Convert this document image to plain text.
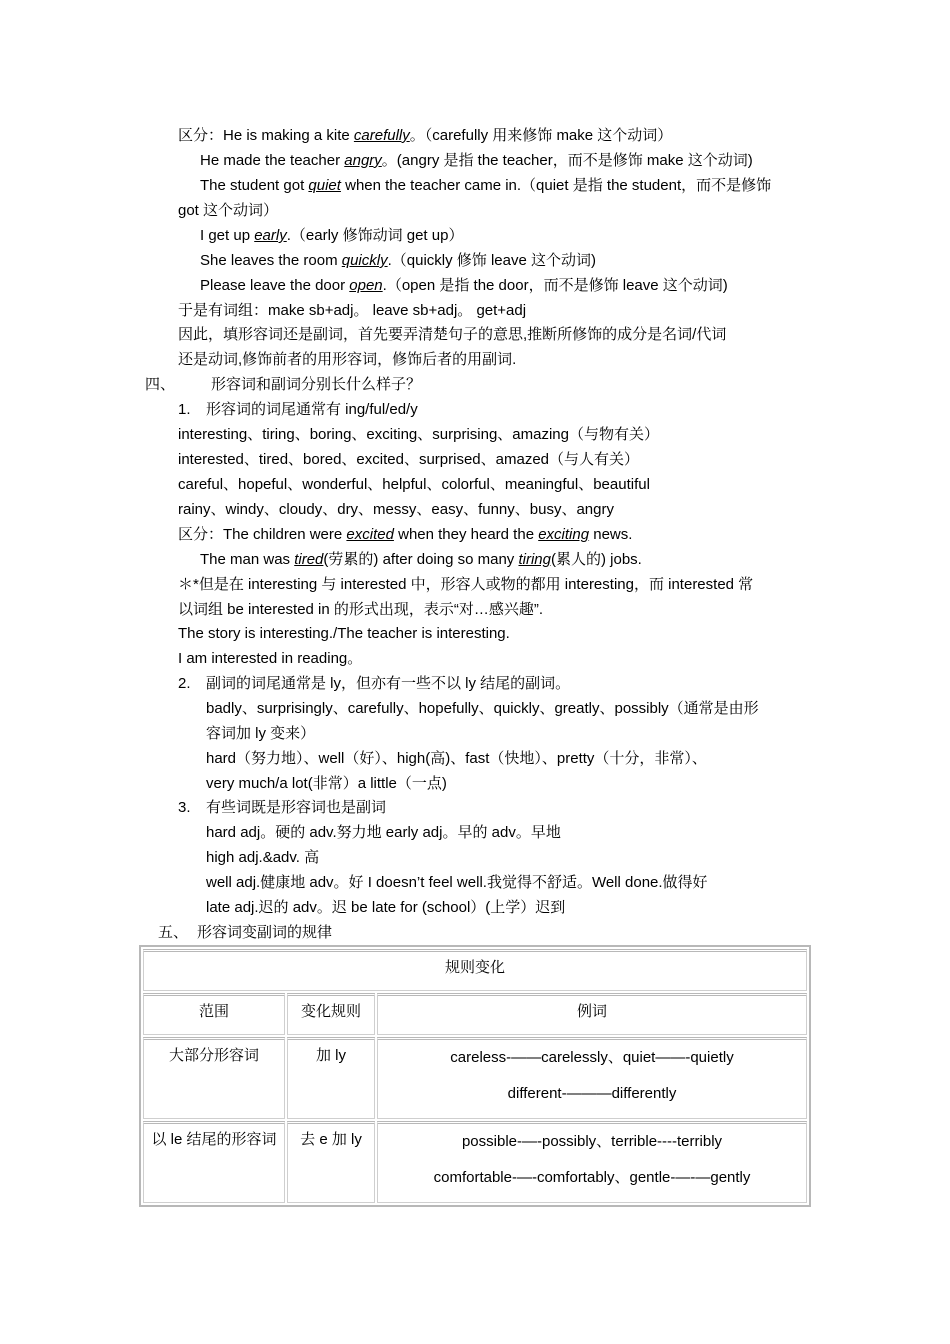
区分：He is making a kite carefully。（carefully 用来修饰 make 这个动词）
He made the teacher angry。(angry 是指 the teacher，而不是修饰 make 这个动词)
The student got quiet when the teacher came in.（quiet 是指 the student，而不是修饰
got 这个动词）
I get up early.（early 修饰动词 get up）
She leaves the room quickly.（quickly 修饰 leave 这个动词)
Please leave the door open.（open 是指 the door，而不是修饰 leave 这个动词)
于是有词组：make sb+adj。 leave sb+adj。 get+adj
因此，填形容词还是副词，首先要弄清楚句子的意思,推断所修饰的成分是名词/代词
还是动词,修饰前者的用形容词，修饰后者的用副词.
四、 形容词和副词分别长什么样子？
1. 形容词的词尾通常有 ing/ful/ed/y
interesting、tiring、boring、exciting、surprising、amazing（与物有关）
interested、tired、bored、excited、surprised、amazed（与人有关）
careful、hopeful、wonderful、helpful、colorful、meaningful、beautiful
rainy、windy、cloudy、dry、messy、easy、funny、busy、angry
区分：The children were excited when they heard the exciting news.
The man was tired(劳累的) after doing so many tiring(累人的) jobs.
＊*但是在 interesting 与 interested 中，形容人或物的都用 interesting，而 interested 常
以词组 be interested in 的形式出现，表示“对…感兴趣”.
The story is interesting./The teacher is interesting.
I am interested in reading。
2. 副词的词尾通常是 ly，但亦有一些不以 ly 结尾的副词。
badly、surprisingly、carefully、hopefully、quickly、greatly、possibly（通常是由形
容词加 ly 变来）
hard（努力地）、well（好）、high(高)、fast（快地）、pretty（十分，非常）、
very much/a lot(非常）a little（一点)
3. 有些词既是形容词也是副词
hard adj。硬的 adv.努力地 early adj。早的 adv。早地
high adj.&adv. 高
well adj.健康地 adv。好 I doesn’t feel well.我觉得不舒适。Well done.做得好
late adj.迟的 adv。迟 be late for (school）(上学）迟到
五、 形容词变副词的规律
规则变化		
范围	变化规则	例词
大部分形容词	加 ly	careless-——carelessly、quiet——-quietly
different-———differently

以 le 结尾的形容词	去 e 加 ly	possible-—-possibly、terrible----terribly
comfortable-—-comfortably、gentle-—-—gently
